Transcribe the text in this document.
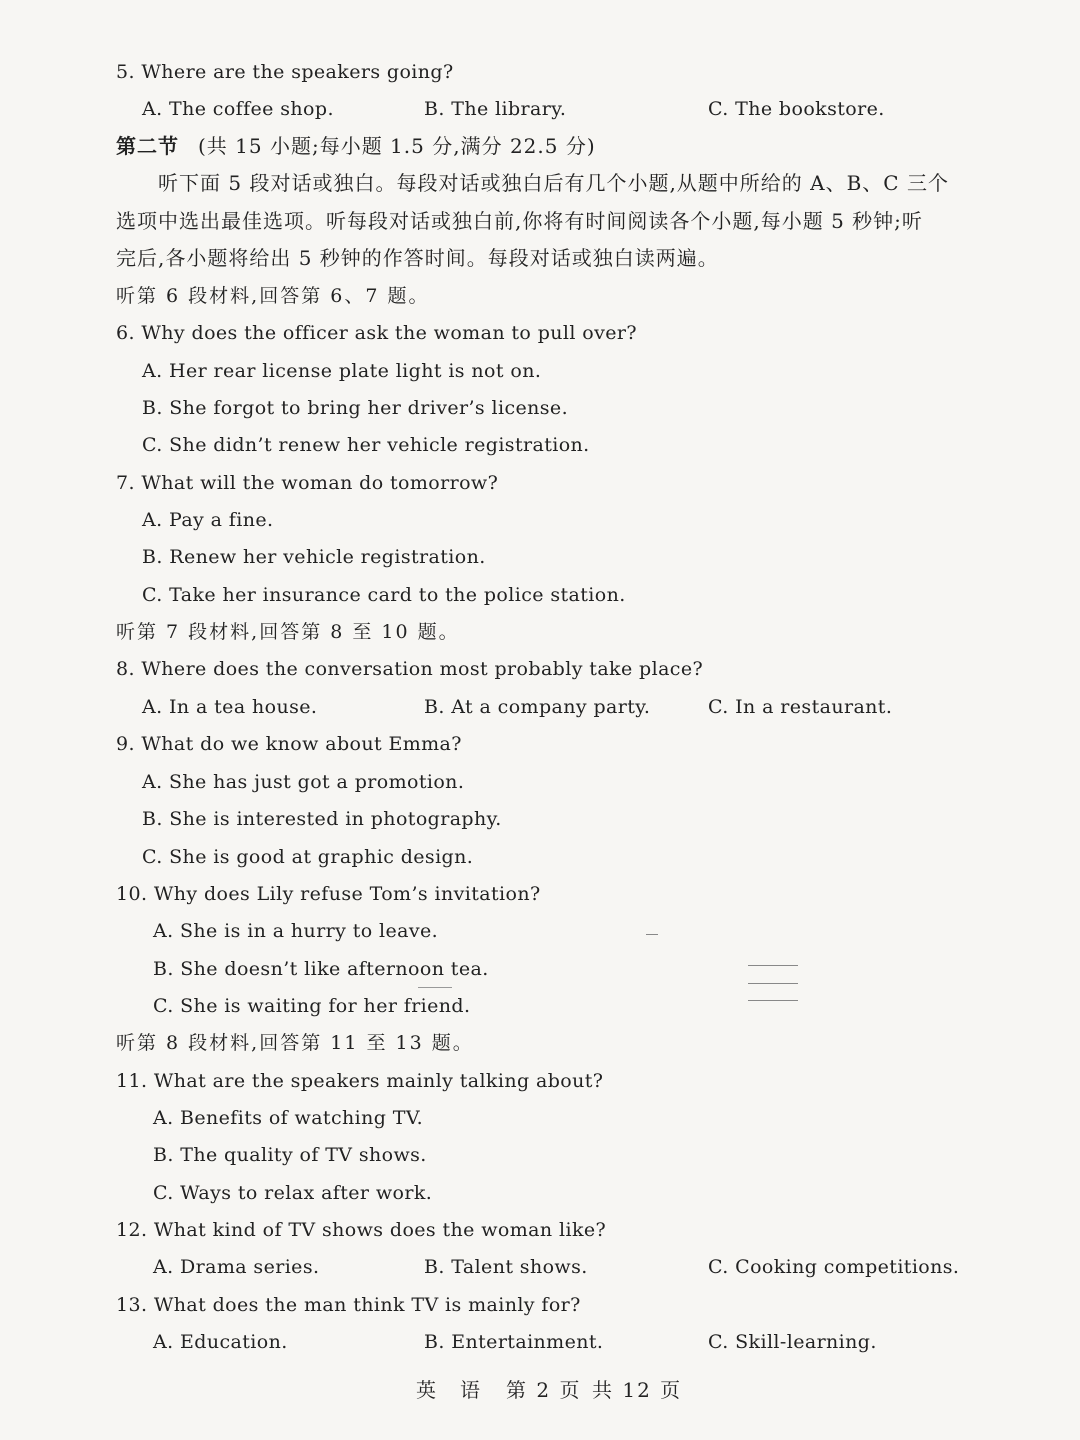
5. Where are the speakers going?
A. The coffee shop.	B. The library.	C. The bookstore.
第二节 (共 15 小题;每小题 1.5 分,满分 22.5 分)
听下面 5 段对话或独白。每段对话或独白后有几个小题,从题中所给的 A、B、C 三个
选项中选出最佳选项。听每段对话或独白前,你将有时间阅读各个小题,每小题 5 秒钟;听
完后,各小题将给出 5 秒钟的作答时间。每段对话或独白读两遍。
听第 6 段材料,回答第 6、7 题。
6. Why does the officer ask the woman to pull over?
A. Her rear license plate light is not on.
B. She forgot to bring her driver’s license.
C. She didn’t renew her vehicle registration.
7. What will the woman do tomorrow?
A. Pay a fine.
B. Renew her vehicle registration.
C. Take her insurance card to the police station.
听第 7 段材料,回答第 8 至 10 题。
8. Where does the conversation most probably take place?
A. In a tea house.	B. At a company party.	C. In a restaurant.
9. What do we know about Emma?
A. She has just got a promotion.
B. She is interested in photography.
C. She is good at graphic design.
10. Why does Lily refuse Tom’s invitation?
A. She is in a hurry to leave.
B. She doesn’t like afternoon tea.
C. She is waiting for her friend.
听第 8 段材料,回答第 11 至 13 题。
11. What are the speakers mainly talking about?
A. Benefits of watching TV.
B. The quality of TV shows.
C. Ways to relax after work.
12. What kind of TV shows does the woman like?
A. Drama series.	B. Talent shows.	C. Cooking competitions.
13. What does the man think TV is mainly for?
A. Education.	B. Entertainment.	C. Skill-learning.
英　语 第 2 页 共 12 页
